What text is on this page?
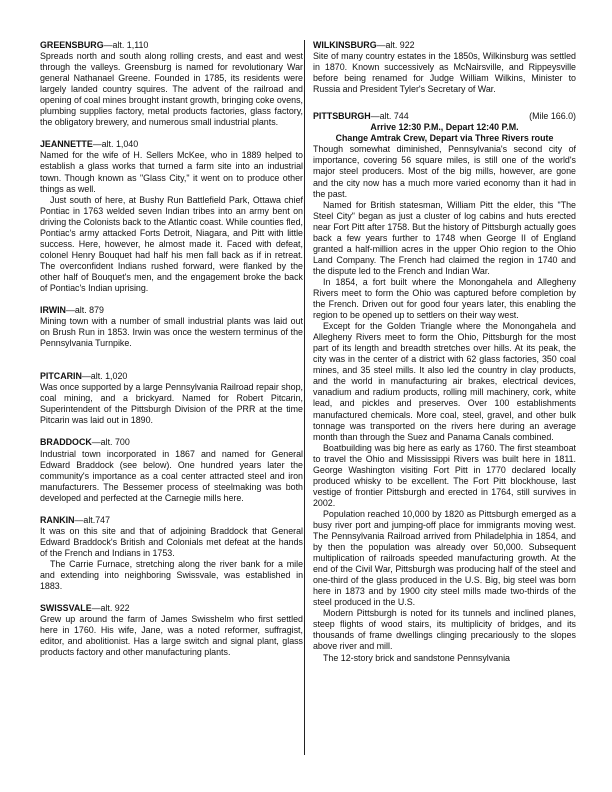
GREENSBURG—alt. 1,110

Spreads north and south along rolling crests, and east and west through the valleys. Greensburg is named for revolutionary War general Nathanael Greene. Founded in 1785, its residents were largely landed country squires. The advent of the railroad and opening of coal mines brought instant growth, bringing coke ovens, plumbing supplies factory, metal products factories, glass factory, the obligatory brewery, and numerous small industrial plants.

JEANNETTE—alt. 1,040

Named for the wife of H. Sellers McKee, who in 1889 helped to establish a glass works that turned a farm site into an industrial town. Though known as "Glass City," it went on to produce other things as well.

Just south of here, at Bushy Run Battlefield Park, Ottawa chief Pontiac in 1763 welded seven Indian tribes into an army bent on driving the Colonists back to the Atlantic coast. While counties fled, Pontiac's army attacked Forts Detroit, Niagara, and Pitt with little success. Here, however, he almost made it. Faced with defeat, colonel Henry Bouquet had half his men fall back as if in retreat. The overconfident Indians rushed forward, were flanked by the other half of Bouquet's men, and the engagement broke the back of Pontiac's Indian uprising.

IRWIN—alt. 879

Mining town with a number of small industrial plants was laid out on Brush Run in 1853. Irwin was once the western terminus of the Pennsylvania Turnpike.

PITCARIN—alt. 1,020

Was once supported by a large Pennsylvania Railroad repair shop, coal mining, and a brickyard. Named for Robert Pitcarin, Superintendent of the Pittsburgh Division of the PRR at the time Pitcarin was laid out in 1890.

BRADDOCK—alt. 700

Industrial town incorporated in 1867 and named for General Edward Braddock (see below). One hundred years later the community's importance as a coal center attracted steel and iron manufacturers. The Bessemer process of steelmaking was both developed and perfected at the Carnegie mills here.

RANKIN—alt.747

It was on this site and that of adjoining Braddock that General Edward Braddock's British and Colonials met defeat at the hands of the French and Indians in 1753.

The Carrie Furnace, stretching along the river bank for a mile and extending into neighboring Swissvale, was established in 1883.

SWISSVALE—alt. 922

Grew up around the farm of James Swisshelm who first settled here in 1760. His wife, Jane, was a noted reformer, suffragist, editor, and abolitionist. Has a large switch and signal plant, glass products factory and other manufacturing plants.

WILKINSBURG—alt. 922

Site of many country estates in the 1850s, Wilkinsburg was settled in 1870. Known successively as McNairsville, and Rippeysville before being renamed for Judge William Wilkins, Minister to Russia and President Tyler's Secretary of War.

PITTSBURGH—alt. 744	(Mile 166.0)
Arrive 12:30 P.M., Depart 12:40 P.M.
Change Amtrak Crew, Depart via Three Rivers route

Though somewhat diminished, Pennsylvania's second city of importance, covering 56 square miles, is still one of the world's major steel producers. Most of the big mills, however, are gone and the city now has a much more varied economy than it had in the past.

Named for British statesman, William Pitt the elder, this "The Steel City" began as just a cluster of log cabins and huts erected near Fort Pitt after 1758. But the history of Pittsburgh actually goes back a few years further to 1748 when George II of England granted a half-million acres in the upper Ohio region to the Ohio Land Company. The French had claimed the region in 1740 and the dispute led to the French and Indian War.

In 1854, a fort built where the Monongahela and Allegheny Rivers meet to form the Ohio was captured before completion by the French. Driven out for good four years later, this enabling the region to be opened up to settlers on their way west.

Except for the Golden Triangle where the Monongahela and Allegheny Rivers meet to form the Ohio, Pittsburgh for the most part of its length and breadth stretches over hills. At its peak, the city was in the center of a district with 62 glass factories, 350 coal mines, and 35 steel mills. It also led the country in clay products, and the world in manufacturing air brakes, electrical devices, vanadium and radium products, rolling mill machinery, cork, white lead, and pickles and preserves. Over 100 establishments manufactured chemicals. More coal, steel, gravel, and other bulk tonnage was transported on the rivers here during an average month than through the Suez and Panama Canals combined.

Boatbuilding was big here as early as 1760. The first steamboat to travel the Ohio and Mississippi Rivers was built here in 1811. George Washington visiting Fort Pitt in 1770 declared locally produced whisky to be excellent. The Fort Pitt blockhouse, last vestige of frontier Pittsburgh and erected in 1764, still survives in 2002.

Population reached 10,000 by 1820 as Pittsburgh emerged as a busy river port and jumping-off place for immigrants moving west. The Pennsylvania Railroad arrived from Philadelphia in 1854, and by then the population was already over 50,000. Subsequent multiplication of railroads speeded manufacturing growth. At the end of the Civil War, Pittsburgh was producing half of the steel and one-third of the glass produced in the U.S. Big, big steel was born here in 1873 and by 1900 city steel mills made two-thirds of the steel produced in the U.S.

Modern Pittsburgh is noted for its tunnels and inclined planes, steep flights of wood stairs, its multiplicity of bridges, and its thousands of frame dwellings clinging precariously to the slopes above river and mill.

The 12-story brick and sandstone Pennsylvania
